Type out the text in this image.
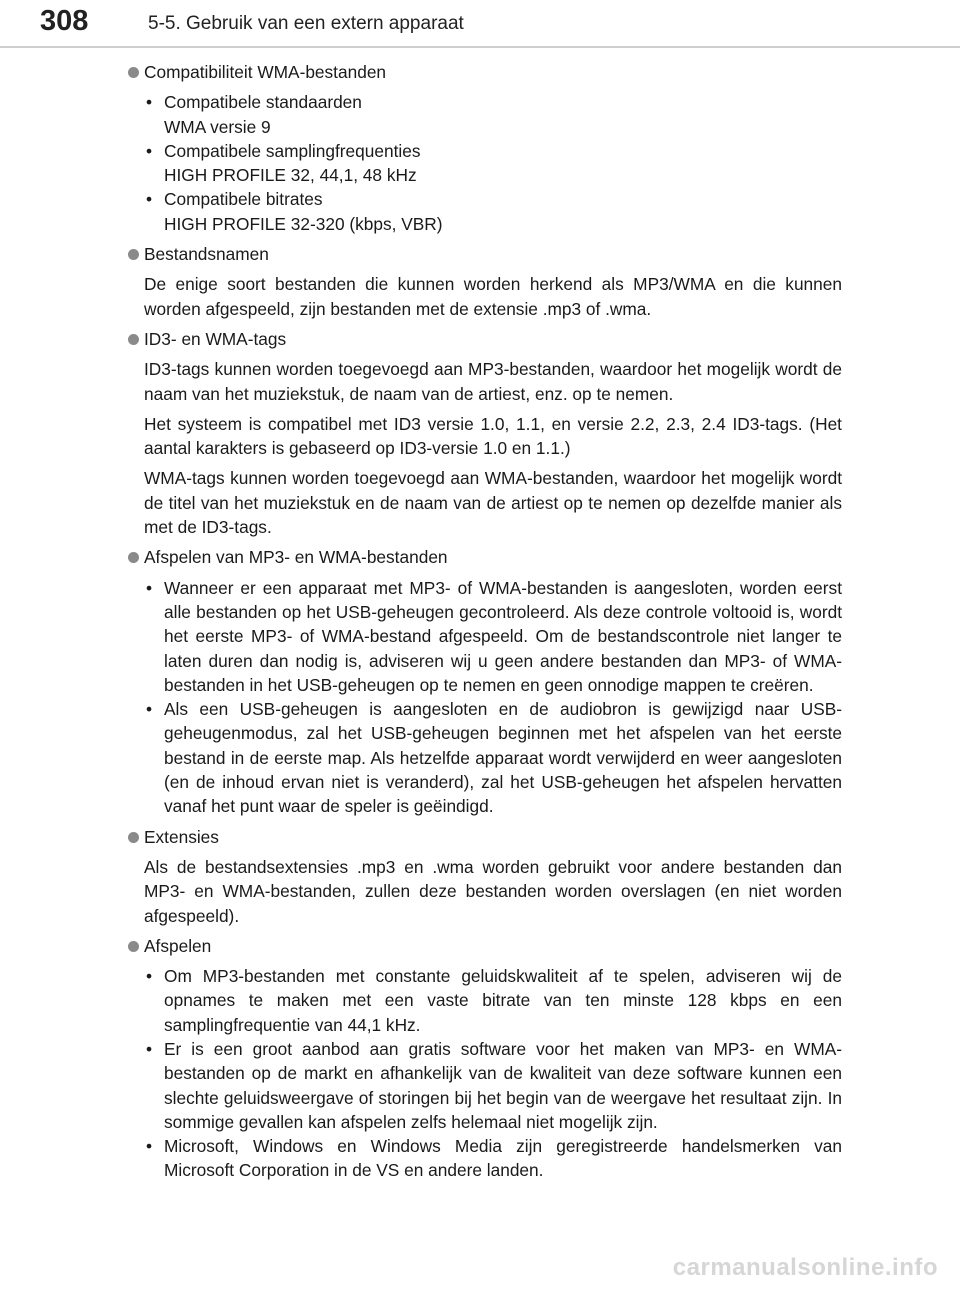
308	5-5. Gebruik van een extern apparaat
Compatibiliteit WMA-bestanden
• Compatibele standaarden
WMA versie 9
• Compatibele samplingfrequenties
HIGH PROFILE 32, 44,1, 48 kHz
• Compatibele bitrates
HIGH PROFILE 32-320 (kbps, VBR)
Bestandsnamen
De enige soort bestanden die kunnen worden herkend als MP3/WMA en die kunnen worden afgespeeld, zijn bestanden met de extensie .mp3 of .wma.
ID3- en WMA-tags
ID3-tags kunnen worden toegevoegd aan MP3-bestanden, waardoor het mogelijk wordt de naam van het muziekstuk, de naam van de artiest, enz. op te nemen.
Het systeem is compatibel met ID3 versie 1.0, 1.1, en versie 2.2, 2.3, 2.4 ID3-tags. (Het aantal karakters is gebaseerd op ID3-versie 1.0 en 1.1.)
WMA-tags kunnen worden toegevoegd aan WMA-bestanden, waardoor het mogelijk wordt de titel van het muziekstuk en de naam van de artiest op te nemen op dezelfde manier als met de ID3-tags.
Afspelen van MP3- en WMA-bestanden
• Wanneer er een apparaat met MP3- of WMA-bestanden is aangesloten, worden eerst alle bestanden op het USB-geheugen gecontroleerd. Als deze controle voltooid is, wordt het eerste MP3- of WMA-bestand afgespeeld. Om de bestandscontrole niet langer te laten duren dan nodig is, adviseren wij u geen andere bestanden dan MP3- of WMA-bestanden in het USB-geheugen op te nemen en geen onnodige mappen te creëren.
• Als een USB-geheugen is aangesloten en de audiobron is gewijzigd naar USB-geheugenmodus, zal het USB-geheugen beginnen met het afspelen van het eerste bestand in de eerste map. Als hetzelfde apparaat wordt verwijderd en weer aangesloten (en de inhoud ervan niet is veranderd), zal het USB-geheugen het afspelen hervatten vanaf het punt waar de speler is geëindigd.
Extensies
Als de bestandsextensies .mp3 en .wma worden gebruikt voor andere bestanden dan MP3- en WMA-bestanden, zullen deze bestanden worden overslagen (en niet worden afgespeeld).
Afspelen
• Om MP3-bestanden met constante geluidskwaliteit af te spelen, adviseren wij de opnames te maken met een vaste bitrate van ten minste 128 kbps en een samplingfrequentie van 44,1 kHz.
• Er is een groot aanbod aan gratis software voor het maken van MP3- en WMA-bestanden op de markt en afhankelijk van de kwaliteit van deze software kunnen een slechte geluidsweergave of storingen bij het begin van de weergave het resultaat zijn. In sommige gevallen kan afspelen zelfs helemaal niet mogelijk zijn.
• Microsoft, Windows en Windows Media zijn geregistreerde handelsmerken van Microsoft Corporation in de VS en andere landen.
carmanualsonline.info
